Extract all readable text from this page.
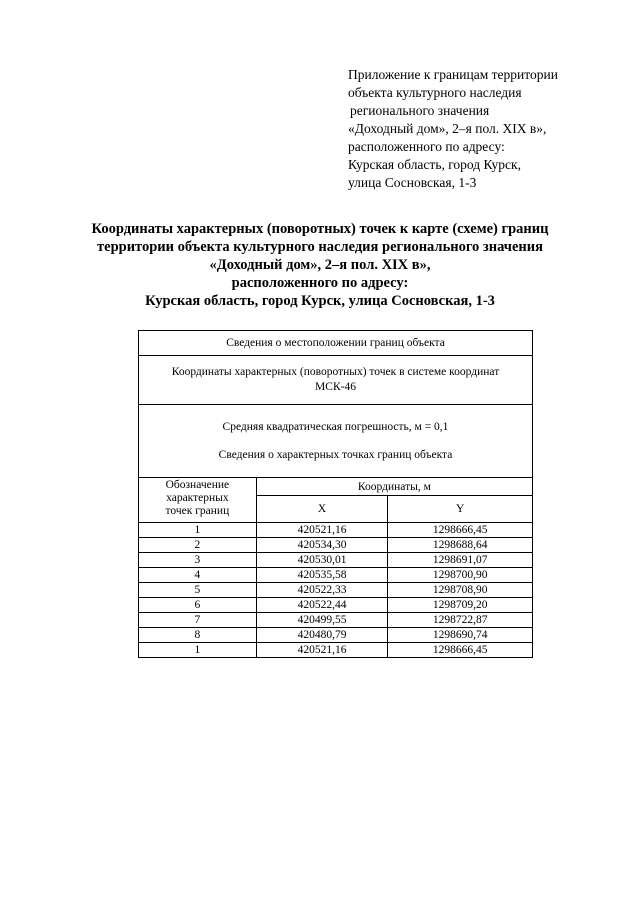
Приложение к границам территории
объекта культурного наследия
регионального значения
«Доходный дом», 2–я пол. XIX в»,
расположенного по адресу:
Курская область, город Курск,
улица Сосновская, 1-3
Координаты характерных (поворотных) точек к карте (схеме) границ
территории объекта культурного наследия регионального значения
«Доходный дом», 2–я пол. XIX в»,
расположенного по адресу:
Курская область, город Курск, улица Сосновская, 1-3
Сведения о местоположении границ объекта		

Координаты характерных (поворотных) точек в системе координат
МСК-46		

Средняя квадратическая погрешность, м = 0,1
Сведения о характерных точках границ объекта		

Обозначение
характерных
точек границ	Координаты, м	
	X	Y
1	420521,16	1298666,45
2	420534,30	1298688,64
3	420530,01	1298691,07
4	420535,58	1298700,90
5	420522,33	1298708,90
6	420522,44	1298709,20
7	420499,55	1298722,87
8	420480,79	1298690,74
1	420521,16	1298666,45
